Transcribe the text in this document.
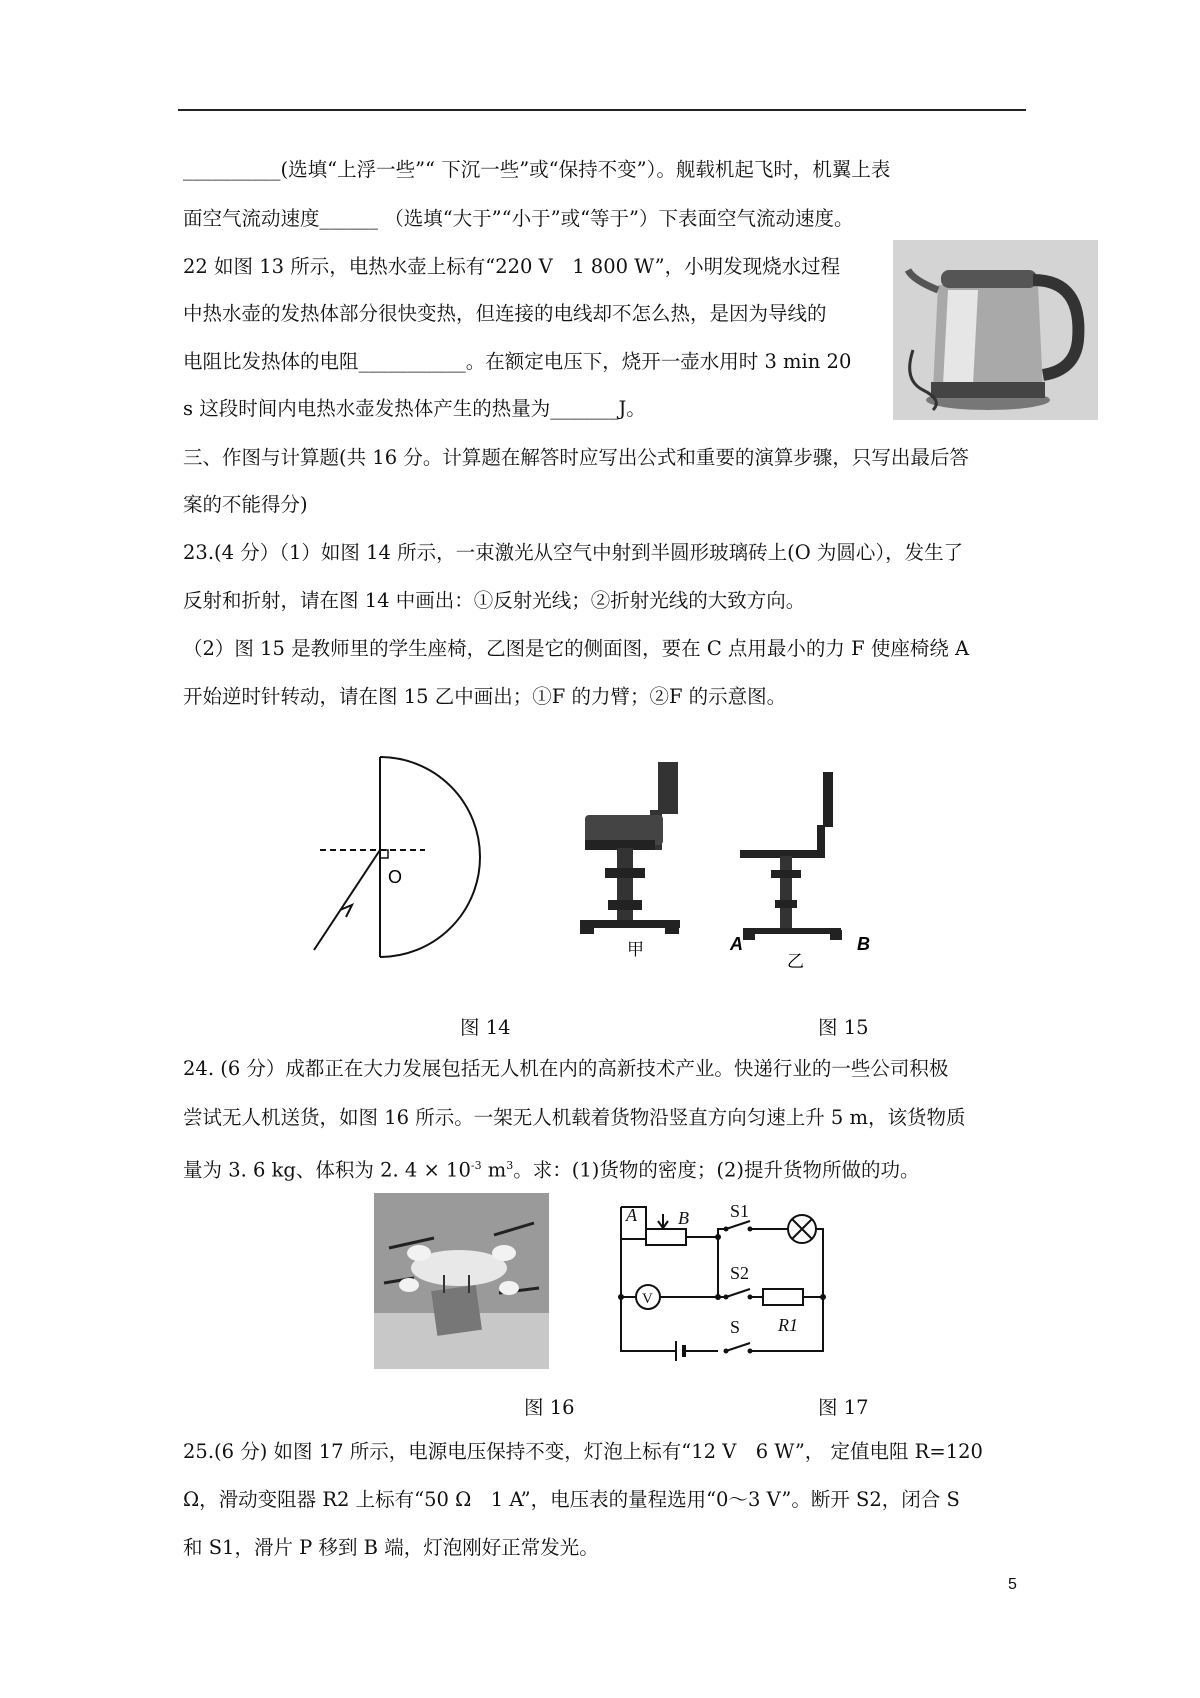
__________(选填“上浮一些”“ 下沉一些”或“保持不变”）。舰载机起飞时，机翼上表
面空气流动速度______ （选填“大于”“小于”或“等于”）下表面空气流动速度。
22 如图 13 所示，电热水壶上标有“220 V　1 800 W”，小明发现烧水过程
中热水壶的发热体部分很快变热，但连接的电线却不怎么热，是因为导线的
电阻比发热体的电阻___________。在额定电压下，烧开一壶水用时 3 min 20
s 这段时间内电热水壶发热体产生的热量为_______J。
三、作图与计算题(共 16 分。计算题在解答时应写出公式和重要的演算步骤，只写出最后答
案的不能得分)
23.(4 分）（1）如图 14 所示，一束激光从空气中射到半圆形玻璃砖上(O 为圆心），发生了
反射和折射，请在图 14 中画出：①反射光线；②折射光线的大致方向。
（2）图 15 是教师里的学生座椅，乙图是它的侧面图，要在 C 点用最小的力 F 使座椅绕 A
开始逆时针转动，请在图 15 乙中画出；①F 的力臂；②F 的示意图。
O
甲	A	B
乙
图 14	图 15
24. (6 分）成都正在大力发展包括无人机在内的高新技术产业。快递行业的一些公司积极
尝试无人机送货，如图 16 所示。一架无人机载着货物沿竖直方向匀速上升 5 m，该货物质
量为 3. 6 kg、体积为 2. $4 \times 10^{-3}$ $m^3$。求：(1)货物的密度；(2)提升货物所做的功。
A B S1
S2
S R1
V
图 16	图 17
25.(6 分) 如图 17 所示，电源电压保持不变，灯泡上标有“12 V　6 W”， 定值电阻 R=120
Ω，滑动变阻器 R2 上标有“50 Ω　1 A”，电压表的量程选用“0～3 V”。断开 S2，闭合 S
和 S1，滑片 P 移到 B 端，灯泡刚好正常发光。
5
